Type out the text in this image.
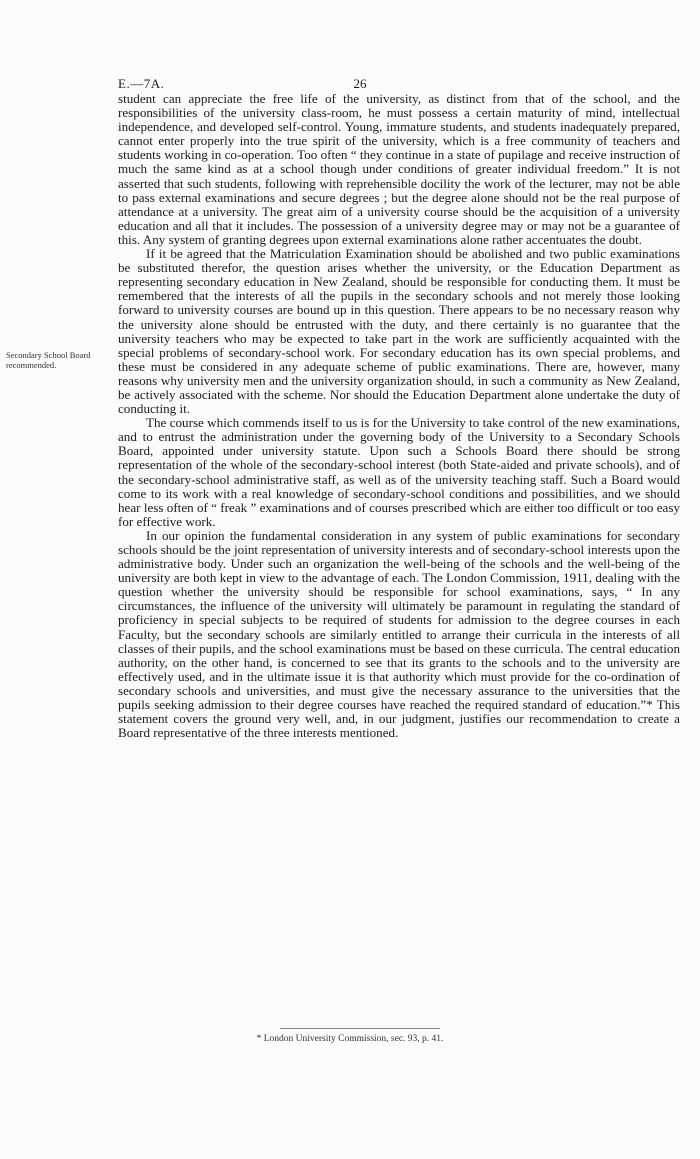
E.—7A.	26
Secondary School Board recommended.

student can appreciate the free life of the university, as distinct from that of the school, and the responsibilities of the university class-room, he must possess a certain maturity of mind, intellectual independence, and developed self-control. Young, immature students, and students inadequately prepared, cannot enter properly into the true spirit of the university, which is a free community of teachers and students working in co-operation. Too often “ they continue in a state of pupilage and receive instruction of much the same kind as at a school though under conditions of greater individual freedom.” It is not asserted that such students, following with reprehensible docility the work of the lecturer, may not be able to pass external examinations and secure degrees ; but the degree alone should not be the real purpose of attendance at a university. The great aim of a university course should be the acquisition of a university education and all that it includes. The possession of a university degree may or may not be a guarantee of this. Any system of granting degrees upon external examinations alone rather accentuates the doubt.

If it be agreed that the Matriculation Examination should be abolished and two public examinations be substituted therefor, the question arises whether the university, or the Education Department as representing secondary education in New Zealand, should be responsible for conducting them. It must be remembered that the interests of all the pupils in the secondary schools and not merely those looking forward to university courses are bound up in this question. There appears to be no necessary reason why the university alone should be entrusted with the duty, and there certainly is no guarantee that the university teachers who may be expected to take part in the work are sufficiently acquainted with the special problems of secondary-school work. For secondary education has its own special problems, and these must be considered in any adequate scheme of public examinations. There are, however, many reasons why university men and the university organization should, in such a community as New Zealand, be actively associated with the scheme. Nor should the Education Department alone undertake the duty of conducting it.

The course which commends itself to us is for the University to take control of the new examinations, and to entrust the administration under the governing body of the University to a Secondary Schools Board, appointed under university statute. Upon such a Schools Board there should be strong representation of the whole of the secondary-school interest (both State-aided and private schools), and of the secondary-school administrative staff, as well as of the university teaching staff. Such a Board would come to its work with a real knowledge of secondary-school conditions and possibilities, and we should hear less often of “ freak ” examinations and of courses prescribed which are either too difficult or too easy for effective work.

In our opinion the fundamental consideration in any system of public examinations for secondary schools should be the joint representation of university interests and of secondary-school interests upon the administrative body. Under such an organization the well-being of the schools and the well-being of the university are both kept in view to the advantage of each. The London Commission, 1911, dealing with the question whether the university should be responsible for school examinations, says, “ In any circumstances, the influence of the university will ultimately be paramount in regulating the standard of proficiency in special subjects to be required of students for admission to the degree courses in each Faculty, but the secondary schools are similarly entitled to arrange their curricula in the interests of all classes of their pupils, and the school examinations must be based on these curricula. The central education authority, on the other hand, is concerned to see that its grants to the schools and to the university are effectively used, and in the ultimate issue it is that authority which must provide for the co-ordination of secondary schools and universities, and must give the necessary assurance to the universities that the pupils seeking admission to their degree courses have reached the required standard of education.”* This statement covers the ground very well, and, in our judgment, justifies our recommendation to create a Board representative of the three interests mentioned.

* London University Commission, sec. 93, p. 41.
